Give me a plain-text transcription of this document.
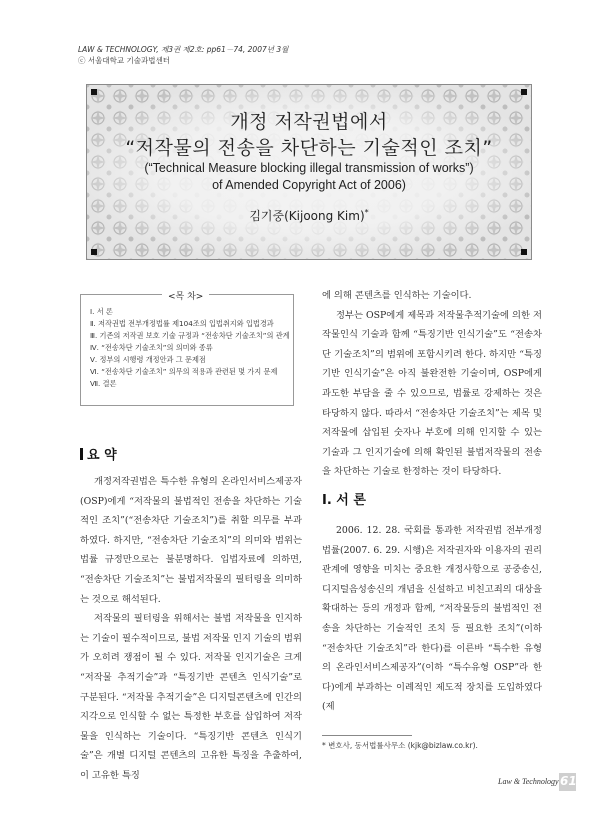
LAW & TECHNOLOGY, 제3권 제2호: pp61－74, 2007년 3월
ⓒ 서울대학교 기술과법센터
개정 저작권법에서
“저작물의 전송을 차단하는 기술적인 조치”
(“Technical Measure blocking illegal transmission of works”)
of Amended Copyright Act of 2006)
김기중(Kijoong Kim)*
<목 차>
Ⅰ. 서 론
Ⅱ. 저작권법 전부개정법률 제104조의 입법취지와 입법경과
Ⅲ. 기존의 저작권 보호 기술 규정과 “전송차단 기술조치”의 관계
Ⅳ. “전송차단 기술조치”의 의미와 종류
Ⅴ. 정부의 시행령 개정안과 그 문제점
Ⅵ. “전송차단 기술조치” 의무의 적용과 관련된 몇 가지 문제
Ⅶ. 결론
요 약

개정저작권법은 특수한 유형의 온라인서비스제공자(OSP)에게 “저작물의 불법적인 전송을 차단하는 기술적인 조치”(“전송차단 기술조치”)를 취할 의무를 부과하였다. 하지만, “전송차단 기술조치”의 의미와 범위는 법률 규정만으로는 불분명하다. 입법자료에 의하면, “전송차단 기술조치”는 불법저작물의 필터링을 의미하는 것으로 해석된다.

저작물의 필터링을 위해서는 불법 저작물을 인지하는 기술이 필수적이므로, 불법 저작물 인지 기술의 범위가 오히려 쟁점이 될 수 있다. 저작물 인지기술은 크게 “저작물 추적기술”과 “특징기반 콘텐츠 인식기술”로 구분된다. “저작물 추적기술”은 디지털콘텐츠에 인간의 지각으로 인식할 수 없는 특정한 부호를 삽입하여 저작물을 인식하는 기술이다. “특징기반 콘텐츠 인식기술”은 개별 디지털 콘텐츠의 고유한 특징을 추출하여, 이 고유한 특징

에 의해 콘텐츠를 인식하는 기술이다.

정부는 OSP에게 제목과 저작물추적기술에 의한 저작물인식 기술과 함께 “특징기반 인식기술”도 “전송차단 기술조치”의 범위에 포함시키려 한다. 하지만 “특징기반 인식기술”은 아직 불완전한 기술이며, OSP에게 과도한 부담을 줄 수 있으므로, 법률로 강제하는 것은 타당하지 않다. 따라서 “전송차단 기술조치”는 제목 및 저작물에 삽입된 숫자나 부호에 의해 인지할 수 있는 기술과 그 인지기술에 의해 확인된 불법저작물의 전송을 차단하는 기술로 한정하는 것이 타당하다.

Ⅰ. 서 론

2006. 12. 28. 국회를 통과한 저작권법 전부개정법률(2007. 6. 29. 시행)은 저작권자와 이용자의 권리관계에 영향을 미치는 중요한 개정사항으로 공중송신, 디지털음성송신의 개념을 신설하고 비친고죄의 대상을 확대하는 등의 개정과 함께, “저작물등의 불법적인 전송을 차단하는 기술적인 조치 등 필요한 조치”(이하 “전송차단 기술조치”라 한다)를 이른바 “특수한 유형의 온라인서비스제공자”(이하 “특수유형 OSP”라 한다)에게 부과하는 이례적인 제도적 장치를 도입하였다(제

* 변호사, 동서법률사무소 (kjk@bizlaw.co.kr).
Law & Technology 61
